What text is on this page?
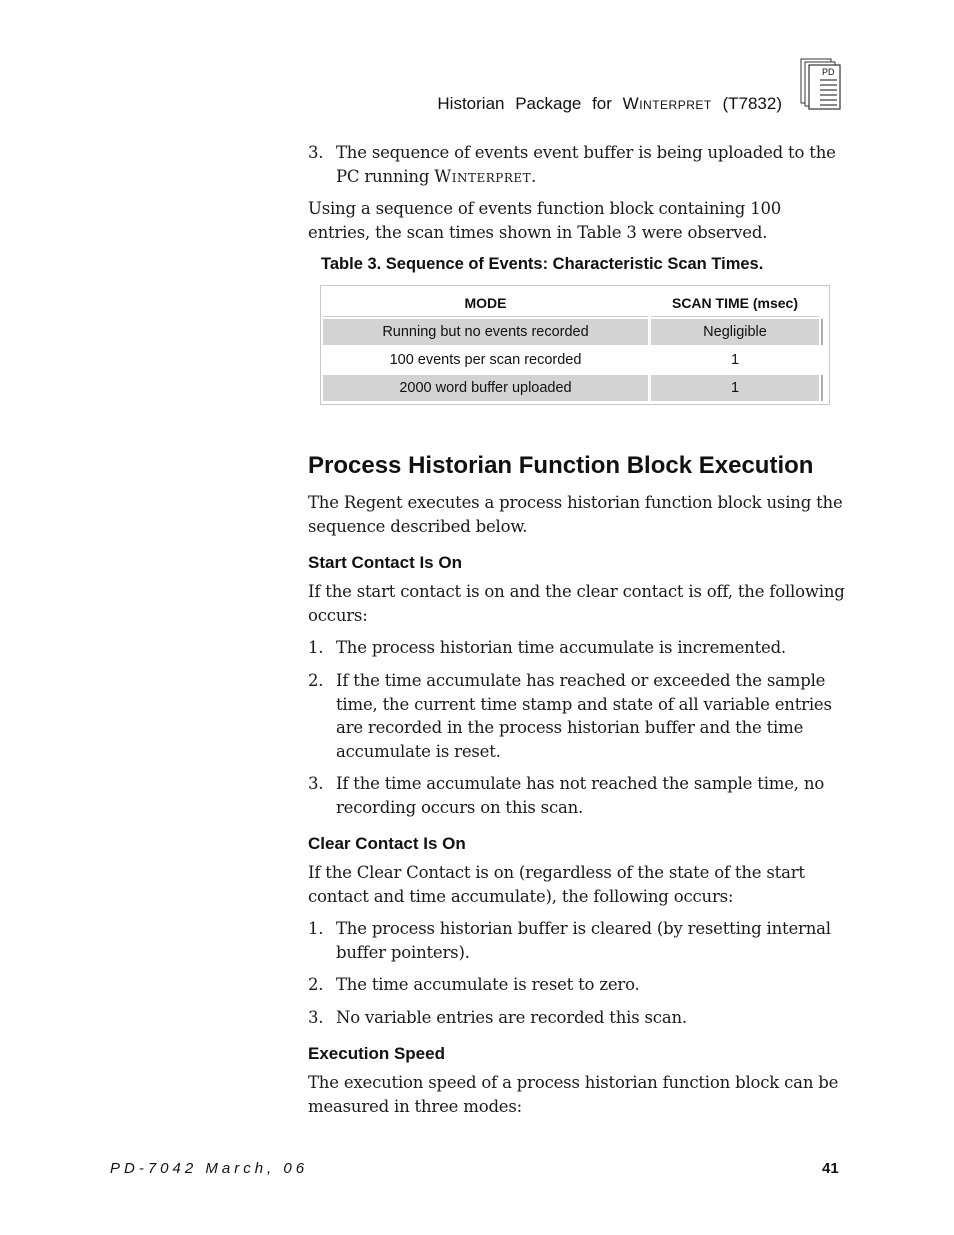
Historian Package for Winterpret (T7832)
PD

3. The sequence of events event buffer is being uploaded to the PC running Winterpret.

Using a sequence of events function block containing 100 entries, the scan times shown in Table 3 were observed.

Table 3. Sequence of Events: Characteristic Scan Times.
MODE	SCAN TIME (msec)
Running but no events recorded	Negligible
100 events per scan recorded	1
2000 word buffer uploaded	1
Process Historian Function Block Execution

The Regent executes a process historian function block using the sequence described below.

Start Contact Is On

If the start contact is on and the clear contact is off, the following occurs:

1. The process historian time accumulate is incremented.

2. If the time accumulate has reached or exceeded the sample time, the current time stamp and state of all variable entries are recorded in the process historian buffer and the time accumulate is reset.

3. If the time accumulate has not reached the sample time, no recording occurs on this scan.

Clear Contact Is On

If the Clear Contact is on (regardless of the state of the start contact and time accumulate), the following occurs:

1. The process historian buffer is cleared (by resetting internal buffer pointers).

2. The time accumulate is reset to zero.

3. No variable entries are recorded this scan.

Execution Speed

The execution speed of a process historian function block can be measured in three modes:

PD-7042 March, 06	41
